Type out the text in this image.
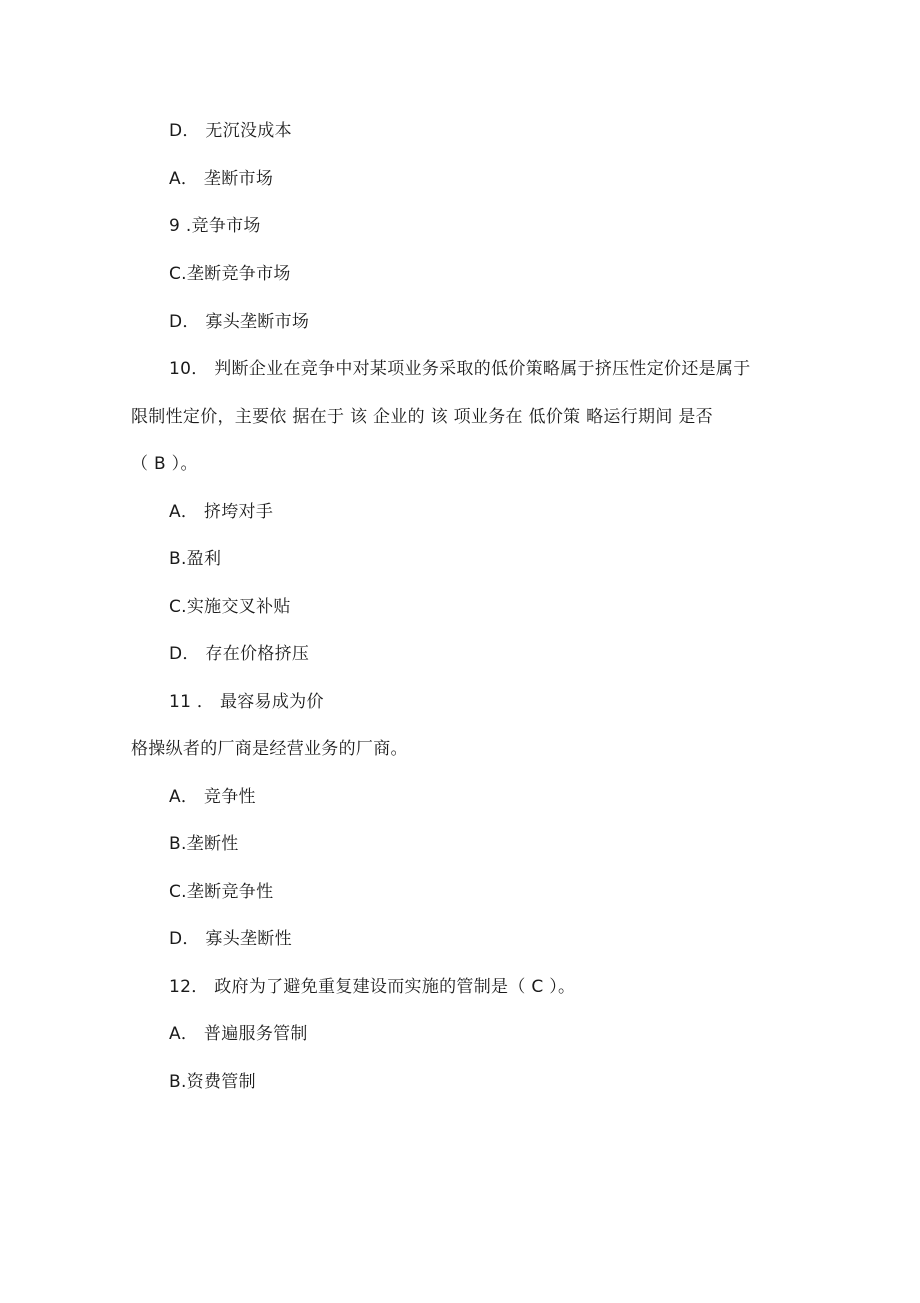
D． 无沉没成本
A． 垄断市场
9 .竞争市场
C.垄断竞争市场
D． 寡头垄断市场
10． 判断企业在竞争中对某项业务采取的低价策略属于挤压性定价还是属于
限制性定价，主要依 据在于 该 企业的 该 项业务在 低价策 略运行期间 是否
（ B ）。
A． 挤垮对手
B.盈利
C.实施交叉补贴
D． 存在价格挤压
11 ． 最容易成为价
格操纵者的厂商是经营业务的厂商。
A． 竞争性
B.垄断性
C.垄断竞争性
D． 寡头垄断性
12． 政府为了避免重复建设而实施的管制是（ C ）。
A． 普遍服务管制
B.资费管制
